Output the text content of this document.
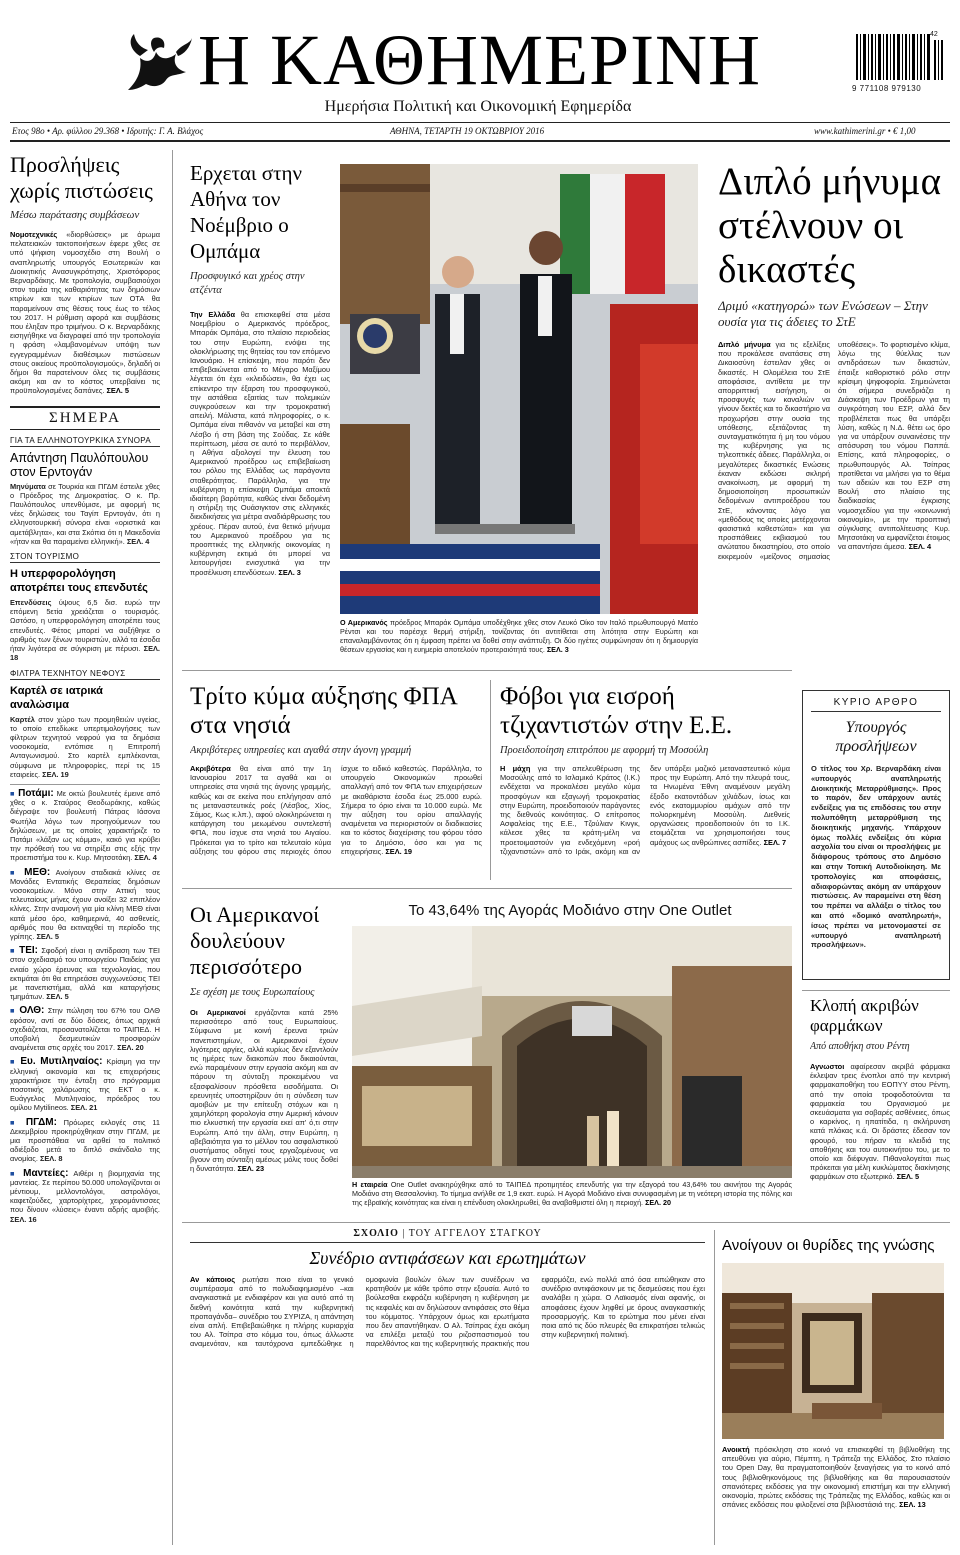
Η ΚΑΘΗΜΕΡΙΝΗ
Ημερήσια Πολιτική και Οικονομική Εφημερίδα
42
9 771108 979130
Ετος 98ο • Αρ. φύλλου 29.368 • Ιδρυτής: Γ. Α. Βλάχος	ΑΘΗΝΑ, ΤΕΤΑΡΤΗ 19 ΟΚΤΩΒΡΙΟΥ 2016	www.kathimerini.gr • € 1,00
Προσλήψεις χωρίς πιστώσεις
Μέσω παράτασης συμβάσεων
Νομοτεχνικές «διορθώσεις» με άρωμα πελατειακών τακτοποιήσεων έφερε χθες σε υπό ψήφιση νομοσχέδιο στη Βουλή ο αναπληρωτής υπουργός Εσωτερικών και Διοικητικής Ανασυγκρότησης, Χριστόφορος Βερναρδάκης. Με τροπολογία, συμβασιούχοι στον τομέα της καθαριότητας των δημόσιων κτιρίων και των κτιρίων των ΟΤΑ θα παραμείνουν στις θέσεις τους έως το τέλος του 2017. Η ρύθμιση αφορά και συμβάσεις που έληξαν προ τριμήνου. Ο κ. Βερναρδάκης εισηγήθηκε να διαγραφεί από την τροπολογία η φράση «λαμβανομένων υπόψη των εγγεγραμμένων διαθέσιμων πιστώσεων στους οικείους προϋπολογισμούς», δηλαδή οι δήμοι θα παρατείνουν όλες τις συμβάσεις ακόμη και αν το κόστος υπερβαίνει τις προϋπολογισμένες δαπάνες. ΣΕΛ. 5
ΣΗΜΕΡΑ
ΓΙΑ ΤΑ ΕΛΛΗΝΟΤΟΥΡΚΙΚΑ ΣΥΝΟΡΑ
Απάντηση Παυλόπουλου στον Ερντογάν
Μηνύματα σε Τουρκία και ΠΓΔΜ έστειλε χθες ο Πρόεδρος της Δημοκρατίας. Ο κ. Πρ. Παυλόπουλος υπενθύμισε, με αφορμή τις νέες δηλώσεις του Ταγίπ Ερντογάν, ότι η ελληνοτουρκική σύνορα είναι «οριστικά και αμετάβλητα», και στα Σκόπια ότι η Μακεδονία «ήταν και θα παραμείνει ελληνική». ΣΕΛ. 4
ΣΤΟΝ ΤΟΥΡΙΣΜΟ
Η υπερφορολόγηση αποτρέπει τους επενδυτές
Επενδύσεις ύψους 6,5 δισ. ευρώ την επόμενη 5ετία χρειάζεται ο τουρισμός. Ωστόσο, η υπερφορολόγηση αποτρέπει τους επενδυτές. Φέτος μπορεί να αυξήθηκε ο αριθμός των ξένων τουριστών, αλλά τα έσοδα ήταν λιγότερα σε σύγκριση με πέρυσι. ΣΕΛ. 18
ΦΙΛΤΡΑ ΤΕΧΝΗΤΟΥ ΝΕΦΟΥΣ
Καρτέλ σε ιατρικά αναλώσιμα
Καρτέλ στον χώρο των προμηθειών υγείας, το οποίο επεδίωκε υπερτιμολογήσεις των φίλτρων τεχνητού νεφρού για τα δημόσια νοσοκομεία, εντόπισε η Επιτροπή Ανταγωνισμού. Στο καρτέλ εμπλέκονται, σύμφωνα με πληροφορίες, περί τις 15 εταιρείες. ΣΕΛ. 19
■ Ποτάμι: Με οκτώ βουλευτές έμεινε από χθες ο κ. Σταύρος Θεοδωράκης, καθώς διέγραψε τον βουλευτή Πάτρας Ιάσονα Φωτήλα λόγω των προηγούμενων του δηλώσεων, με τις οποίες χαρακτήριζε το Ποτάμι «λάξαν ως κόμμα», κακό για κρύβει την πρόθεσή του να στηρίξει στις εξής την προεπιστήμα του κ. Κυρ. Μητσοτάκη. ΣΕΛ. 4
■ ΜΕΘ: Ανοίγουν σταδιακά κλίνες σε Μονάδες Εντατικής Θεραπείας δημόσιων νοσοκομείων. Μόνο στην Αττική τους τελευταίους μήνες έχουν ανοίξει 32 επιπλέον κλίνες. Στην αναμονή για μία κλίνη ΜΕΘ είναι κατά μέσο όρο, καθημερινά, 40 ασθενείς, αριθμός που θα εκτιναχθεί τη περίοδο της γρίπης. ΣΕΛ. 5
■ ΤΕΙ: Σφοδρή είναι η αντίδραση των ΤΕΙ στον σχεδιασμό του υπουργείου Παιδείας για ενιαίο χώρο έρευνας και τεχνολογίας, που εκτιμάται ότι θα επηρεάσει συγχωνεύσεις ΤΕΙ με πανεπιστήμια, αλλά και καταργήσεις τμημάτων. ΣΕΛ. 5
■ ΟΛΘ: Στην πώληση του 67% του ΟΛΘ εφόσον, αντί σε δύο δόσεις, όπως αρχικά σχεδιάζεται, προσανατολίζεται το ΤΑΙΠΕΔ. Η υποβολή δεσμευτικών προσφορών αναμένεται στις αρχές του 2017. ΣΕΛ. 20
■ Ευ. Μυτιληναίος: Κρίσιμη για την ελληνική οικονομία και τις επιχειρήσεις χαρακτήρισε την ένταξη στο πρόγραμμα ποσοτικής χαλάρωσης της ΕΚΤ ο κ. Ευάγγελος Μυτιληναίος, πρόεδρος του ομίλου Mytilineos. ΣΕΛ. 21
■ ΠΓΔΜ: Πρόωρες εκλογές στις 11 Δεκεμβρίου προκηρύχθηκαν στην ΠΓΔΜ, με μια προσπάθεια να αρθεί το πολιτικό αδιέξοδο μετά το διπλό σκάνδαλο της ανομίας. ΣΕΛ. 8
■ Μαντείες: Αιθέρι η βιομηχανία της μαντείας. Σε περίπου 50.000 υπολογίζονται οι μέντιουμ, μελλοντολόγοι, αστρολόγοι, καφετζούδες, χαρτορίχτρες, χειρομάντισσες που δίνουν «λύσεις» έναντι αδρής αμοιβής. ΣΕΛ. 16
Ερχεται στην Αθήνα τον Νοέμβριο ο Ομπάμα
Προσφυγικό και χρέος στην ατζέντα
Την Ελλάδα θα επισκεφθεί στα μέσα Νοεμβρίου ο Αμερικανός πρόεδρος, Μπαράκ Ομπάμα, στο πλαίσιο περιοδείας του στην Ευρώπη, ενόψει της ολοκλήρωσης της θητείας του τον επόμενο Ιανουάριο. Η επίσκεψη, που παρότι δεν επιβεβαιώνεται από το Μέγαρο Μαξίμου λέγεται ότι έχει «κλειδώσει», θα έχει ως επίκεντρο την έξαρση του προσφυγικού, την αστάθεια εξαιτίας των πολεμικών συγκρούσεων και την τρομοκρατική απειλή. Μάλιστα, κατά πληροφορίες, ο κ. Ομπάμα είναι πιθανόν να μεταβεί και στη Λέσβο ή στη βάση της Σούδας. Σε κάθε περίπτωση, μέσα σε αυτό το περιβάλλον, η Αθήνα αξιολογεί την έλευση του Αμερικανού προέδρου ως επιβεβαίωση του ρόλου της Ελλάδας ως παράγοντα σταθερότητας. Παράλληλα, για την κυβέρνηση η επίσκεψη Ομπάμα αποκτά ιδιαίτερη βαρύτητα, καθώς είναι δεδομένη η στήριξη της Ουάσιγκτον στις ελληνικές διεκδικήσεις για μέτρα αναδιάρθρωσης του χρέους. Πέραν αυτού, ένα θετικό μήνυμα του Αμερικανού προέδρου για τις προοπτικές της ελληνικής οικονομίας η κυβέρνηση εκτιμά ότι μπορεί να λειτουργήσει ενισχυτικά για την προσέλκυση επενδύσεων. ΣΕΛ. 3
Ο Αμερικανός πρόεδρος Μπαράκ Ομπάμα υποδέχθηκε χθες στον Λευκό Οίκο τον Ιταλό πρωθυπουργό Ματέο Ρέντσι και του παρέσχε θερμή στήριξη, τονίζοντας ότι αντιτίθεται στη λιτότητα στην Ευρώπη και επαναλαμβάνοντας ότι η έμφαση πρέπει να δοθεί στην ανάπτυξη. Οι δύο ηγέτες συμφώνησαν ότι η δημιουργία θέσεων εργασίας και η ευημερία αποτελούν προτεραιότητά τους. ΣΕΛ. 3
Διπλό μήνυμα στέλνουν οι δικαστές
Δριμύ «κατηγορώ» των Ενώσεων – Στην ουσία για τις άδειες το ΣτΕ
Διπλό μήνυμα για τις εξελίξεις που προκάλεσε ανατάσεις στη Δικαιοσύνη έστειλαν χθες οι δικαστές. Η Ολομέλεια του ΣτΕ αποφάσισε, αντίθετα με την απορριπτική εισήγηση, οι προσφυγές των καναλιών να γίνουν δεκτές και το δικαστήριο να προχωρήσει στην ουσία της υπόθεσης, εξετάζοντας τη συνταγματικότητα ή μη του νόμου της κυβέρνησης για τις τηλεοπτικές άδειες. Παράλληλα, οι μεγαλύτερες δικαστικές Ενώσεις έκαναν εκδώσει σκληρή ανακοίνωση, με αφορμή τη δημοσιοποίηση προσωπικών δεδομένων αντιπροέδρου του ΣτΕ, κάνοντας λόγο για «μεθόδους τις οποίες μετέρχονται φασιστικά καθεστώτα» και για προσπάθειες εκβιασμού του ανώτατου δικαστηρίου, στο οποίο εκκρεμούν «μείζονος σημασίας υποθέσεις». Το φορτισμένο κλίμα, λόγω της θύελλας των αντιδράσεων των δικαστών, έπαιξε καθοριστικό ρόλο στην κρίσιμη ψηφοφορία. Σημειώνεται ότι σήμερα συνεδριάζει η Διάσκεψη των Προέδρων για τη συγκρότηση του ΕΣΡ, αλλά δεν προβλέπεται πως θα υπάρξει λύση, καθώς η Ν.Δ. θέτει ως όρο για να υπάρξουν συναινέσεις την απόσυρση του νόμου Παππά. Επίσης, κατά πληροφορίες, ο πρωθυπουργός Αλ. Τσίπρας προτίθεται να μιλήσει για το θέμα των αδειών και του ΕΣΡ στη Βουλή στο πλαίσιο της διαδικασίας έγκρισης νομοσχεδίου για την «κοινωνική οικονομία», με την προοπτική σύγκλισης αντιπολίτευσης Κυρ. Μητσοτάκη να εμφανίζεται έτοιμος να απαντήσει άμεσα. ΣΕΛ. 4
Τρίτο κύμα αύξησης ΦΠΑ στα νησιά
Ακριβότερες υπηρεσίες και αγαθά στην άγονη γραμμή
Ακριβότερα θα είναι από την 1η Ιανουαρίου 2017 τα αγαθά και οι υπηρεσίες στα νησιά της άγονης γραμμής, καθώς και σε εκείνα που επλήγησαν από τις μεταναστευτικές ροές (Λέσβος, Χίος, Σάμος, Κως κ.λπ.), αφού ολοκληρώνεται η κατάργηση του μειωμένου συντελεστή ΦΠΑ, που ίσχυε στα νησιά του Αιγαίου. Πρόκειται για το τρίτο και τελευταίο κύμα αύξησης του φόρου στις περιοχές όπου ίσχυε το ειδικό καθεστώς. Παράλληλα, το υπουργείο Οικονομικών προωθεί απαλλαγή από τον ΦΠΑ των επιχειρήσεων με ακαθάριστα έσοδα έως 25.000 ευρώ. Σήμερα το όριο είναι τα 10.000 ευρώ. Με την αύξηση του ορίου απαλλαγής αναμένεται να περιοριστούν οι διαδικασίες και το κόστος διαχείρισης του φόρου τόσο για το Δημόσιο, όσο και για τις επιχειρήσεις. ΣΕΛ. 19
Φόβοι για εισροή τζιχαντιστών στην Ε.Ε.
Προειδοποίηση επιτρόπου με αφορμή τη Μοσούλη
Η μάχη για την απελευθέρωση της Μοσούλης από το Ισλαμικό Κράτος (Ι.Κ.) ενδέχεται να προκαλέσει μεγάλο κύμα προσφύγων και εξαγωγή τρομοκρατίας στην Ευρώπη, προειδοποιούν παράγοντες της διεθνούς κοινότητας. Ο επίτροπος Ασφαλείας της Ε.Ε., Τζούλιαν Κινγκ, κάλεσε χθες τα κράτη-μέλη να προετοιμαστούν για ενδεχόμενη «ροή τζιχαντιστών» από το Ιράκ, ακόμη και αν δεν υπάρξει μαζικό μεταναστευτικό κύμα προς την Ευρώπη. Από την πλευρά τους, τα Ηνωμένα Έθνη αναμένουν μεγάλη έξοδο εκατοντάδων χιλιάδων, ίσως και ενός εκατομμυρίου αμάχων από την πολιορκημένη Μοσούλη. Διεθνείς οργανώσεις προειδοποιούν ότι το Ι.Κ. ετοιμάζεται να χρησιμοποιήσει τους αμάχους ως ανθρώπινες ασπίδες. ΣΕΛ. 7
ΚΥΡΙΟ ΑΡΘΡΟ
Υπουργός προσλήψεων
Ο τίτλος του Χρ. Βερναρδάκη είναι «υπουργός αναπληρωτής Διοικητικής Μεταρρύθμισης». Προς το παρόν, δεν υπάρχουν αυτές ενδείξεις για τις επιδόσεις του στην πολυπόθητη μεταρρύθμιση της διοικητικής μηχανής. Υπάρχουν όμως πολλές ενδείξεις ότι κύρια ασχολία του είναι οι προσλήψεις με διάφορους τρόπους στο Δημόσιο και στην Τοπική Αυτοδιοίκηση. Με τροπολογίες και αποφάσεις, αδιαφορώντας ακόμη αν υπάρχουν πιστώσεις. Αν παραμείνει στη θέση του πρέπει να αλλάξει ο τίτλος του και από «δομικό αναπληρωτή», ίσως πρέπει να μετονομαστεί σε «υπουργό αναπληρωτή προσλήψεων».
Οι Αμερικανοί δουλεύουν περισσότερο
Σε σχέση με τους Ευρωπαίους
Οι Αμερικανοί εργάζονται κατά 25% περισσότερο από τους Ευρωπαίους. Σύμφωνα με κοινή έρευνα τριών πανεπιστημίων, οι Αμερικανοί έχουν λιγότερες αργίες, αλλά κυρίως δεν εξαντλούν τις ημέρες των διακοπών που δικαιούνται, ενώ παραμένουν στην εργασία ακόμη και αν πάρουν τη σύνταξη προκειμένου να εξασφαλίσουν πρόσθετα εισοδήματα. Οι ερευνητές υποστηρίζουν ότι η σύνδεση των αμοιβών με την επίτευξη στόχων και η χαμηλότερη φορολογία στην Αμερική κάνουν πιο ελκυστική την εργασία εκεί απ' ό,τι στην Ευρώπη. Από την άλλη, στην Ευρώπη, η αβεβαιότητα για το μέλλον του ασφαλιστικού συστήματος οδηγεί τους εργαζομένους να βγουν στη σύνταξη αμέσως μόλις τους δοθεί η δυνατότητα. ΣΕΛ. 23
Το 43,64% της Αγοράς Μοδιάνο στην One Outlet
Η εταιρεία One Outlet ανακηρύχθηκε από το ΤΑΙΠΕΔ προτιμητέος επενδυτής για την εξαγορά του 43,64% του ακινήτου της Αγοράς Μοδιάνο στη Θεσσαλονίκη. Το τίμημα ανήλθε σε 1,9 εκατ. ευρώ. Η Αγορά Μοδιάνο είναι συνυφασμένη με τη νεότερη ιστορία της πόλης και της εβραϊκής κοινότητας και είναι η επένδυση ολοκληρωθεί, θα αναβαθμιστεί όλη η περιοχή. ΣΕΛ. 20
Κλοπή ακριβών φαρμάκων
Από αποθήκη στου Ρέντη
Αγνωστοι αφαίρεσαν ακριβά φάρμακα έκλεψαν τρεις ένοπλοι από την κεντρική φαρμακαποθήκη του ΕΟΠΥΥ στου Ρέντη, από την οποία τροφοδοτούνται τα φαρμακεία του Οργανισμού με σκευάσματα για σοβαρές ασθένειες, όπως ο καρκίνος, η ηπατίτιδα, η σκλήρυνση κατά πλάκας κ.ά. Οι δράστες έδεσαν τον φρουρό, του πήραν τα κλειδιά της αποθήκης και του αυτοκινήτου του, με το οποίο και διέφυγαν. Πιθανολογείται πως πρόκειται για μέλη κυκλώματος διακίνησης φαρμάκων στο εξωτερικό. ΣΕΛ. 5
ΣΧΟΛΙΟ | ΤΟΥ ΑΓΓΕΛΟΥ ΣΤΑΓΚΟΥ
Συνέδριο αντιφάσεων και ερωτημάτων
Αν κάποιος ρωτήσει ποιο είναι το γενικό συμπέρασμα από το πολυδιαφημισμένο –και αναγκαστικά με ενδιαφέρον και για αυτό από τη διεθνή κοινότητα κατά την κυβερνητική προπαγάνδα– συνέδριο του ΣΥΡΙΖΑ, η απάντηση είναι απλή. Επιβεβαιώθηκε η πλήρης κυριαρχία του Αλ. Τσίπρα στο κόμμα του, όπως άλλωστε αναμενόταν, και ταυτόχρονα εμπεδώθηκε η ομοφωνία βουλών όλων των συνέδρων να κρατηθούν με κάθε τρόπο στην εξουσία. Αυτό το βούλεσθαι εκφράζει κυβέρνηση η κυβέρνηση με τις κεφαλές και αν δηλώσουν αντιφάσεις στο θέμα του κόμματος. Υπάρχουν όμως και ερωτήματα που δεν απαντήθηκαν. Ο Αλ. Τσίπρας έχει ακόμη να επιλέξει μεταξύ του ριζοσπαστισμού του παρελθόντος και της κυβερνητικής πρακτικής που εφαρμόζει, ενώ πολλά από όσα ειπώθηκαν στο συνέδριο αντιφάσκουν με τις δεσμεύσεις που έχει αναλάβει η χώρα. Ο Λαϊκισμός είναι αφανής, οι αποφάσεις έχουν ληφθεί με όρους αναγκαστικής προσαρμογής. Και το ερώτημα που μένει είναι ποια από τις δύο πλευρές θα επικρατήσει τελικώς στην κυβερνητική πολιτική.
Ανοίγουν οι θυρίδες της γνώσης
Ανοικτή πρόσκληση στο κοινό να επισκεφθεί τη βιβλιοθήκη της απευθύνει για αύριο, Πέμπτη, η Τράπεζα της Ελλάδος. Στο πλαίσιο του Open Day, θα πραγματοποιηθούν ξεναγήσεις για το κοινό από τους βιβλιοθηκονόμους της βιβλιοθήκης και θα παρουσιαστούν σπανιότερες εκδόσεις για την οικονομική επιστήμη και την ελληνική οικονομία, πρώτες εκδόσεις της Τράπεζας της Ελλάδος, καθώς και οι σπάνιες εκδόσεις που φιλοξενεί στα βιβλιοστάσιά της. ΣΕΛ. 13
